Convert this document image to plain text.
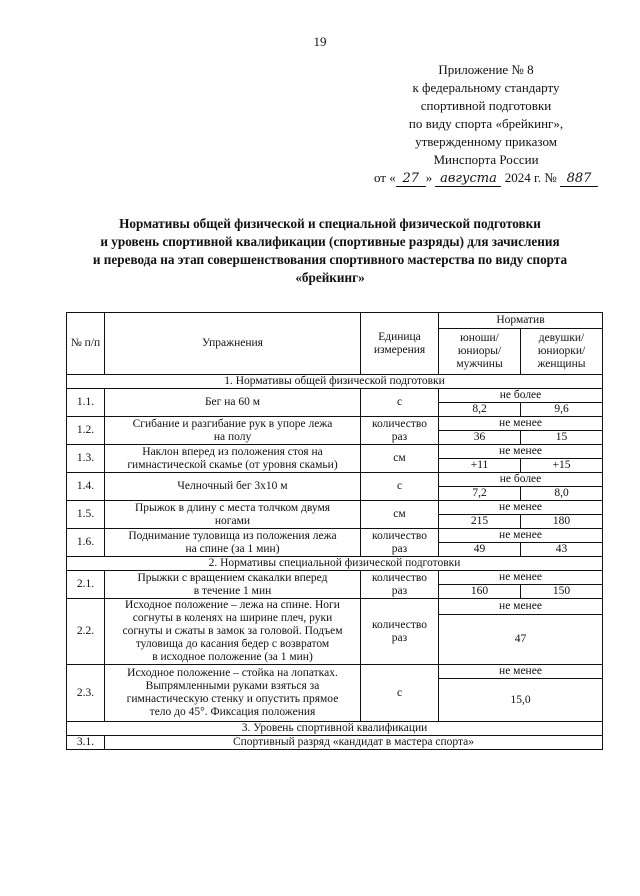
19
Приложение № 8
к федеральному стандарту
спортивной подготовки
по виду спорта «брейкинг»,
утвержденному приказом
Минспорта России
от « 27 » августа 2024 г. № 887
Нормативы общей физической и специальной физической подготовки
и уровень спортивной квалификации (спортивные разряды) для зачисления
и перевода на этап совершенствования спортивного мастерства по виду спорта
«брейкинг»
№ п/п	Упражнения	Единица измерения	Норматив	
			юноши/ юниоры/ мужчины	девушки/ юниорки/ женщины
1. Нормативы общей физической подготовки				
1.1.	Бег на 60 м	с	не более	
			8,2	9,6
1.2.	Сгибание и разгибание рук в упоре лежа
на полу	количество раз	не менее	
			36	15
1.3.	Наклон вперед из положения стоя на
гимнастической скамье (от уровня скамьи)	см	не менее	
			+11	+15
1.4.	Челночный бег 3х10 м	с	не более	
			7,2	8,0
1.5.	Прыжок в длину с места толчком двумя
ногами	см	не менее	
			215	180
1.6.	Поднимание туловища из положения лежа
на спине (за 1 мин)	количество раз	не менее	
			49	43
2. Нормативы специальной физической подготовки				
2.1.	Прыжки с вращением скакалки вперед
в течение 1 мин	количество раз	не менее	
			160	150
2.2.	Исходное положение – лежа на спине. Ноги
согнуты в коленях на ширине плеч, руки
согнуты и сжаты в замок за головой. Подъем
туловища до касания бедер с возвратом
в исходное положение (за 1 мин)	количество раз	не менее	
			47	
2.3.	Исходное положение – стойка на лопатках.
Выпрямленными руками взяться за
гимнастическую стенку и опустить прямое
тело до 45°. Фиксация положения	с	не менее	
			15,0	
3. Уровень спортивной квалификации				
3.1.	Спортивный разряд «кандидат в мастера спорта»			
